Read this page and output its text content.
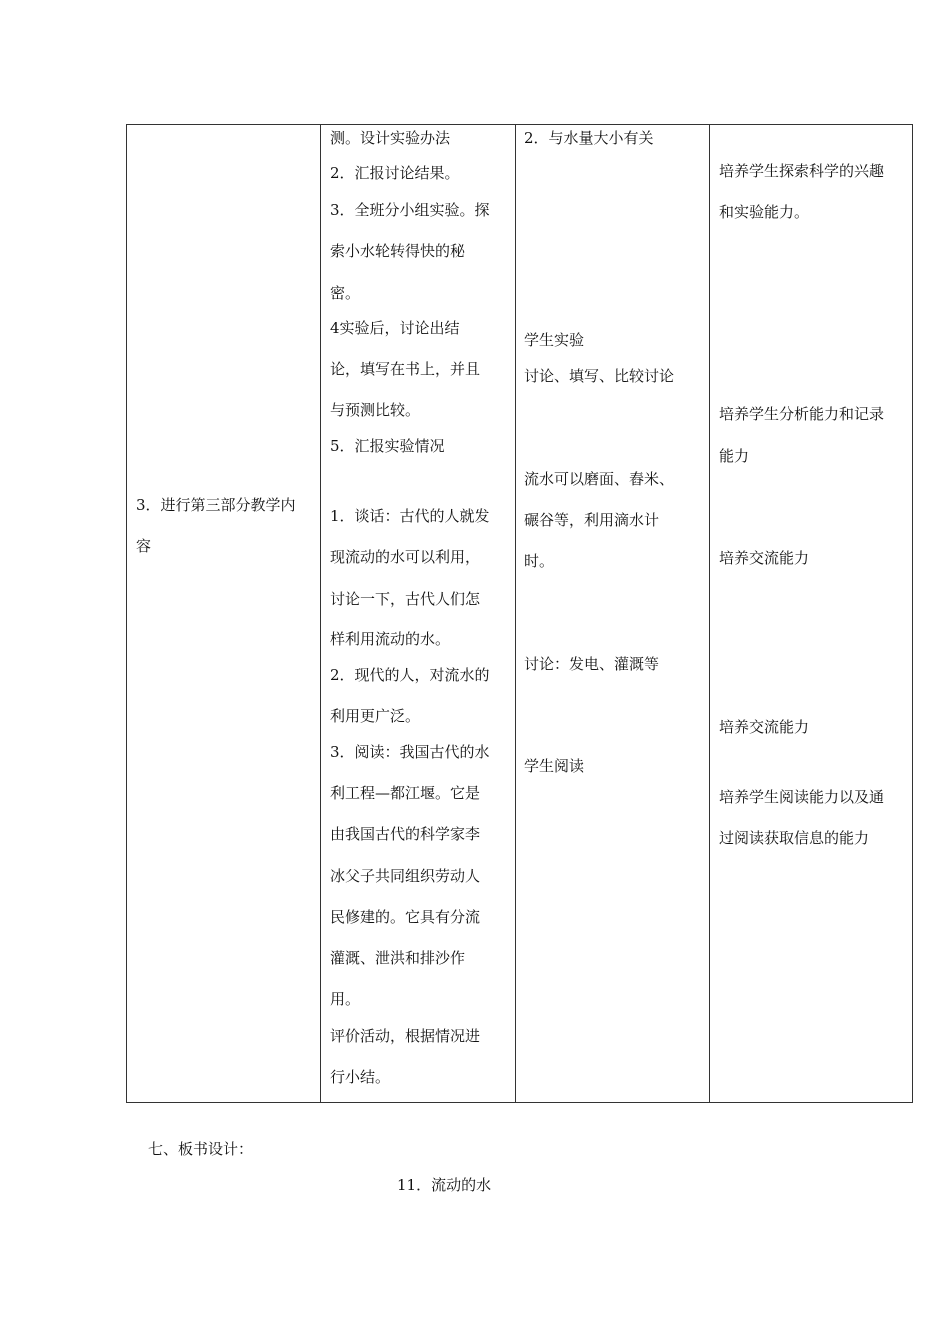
3．进行第三部分教学内
容
测。设计实验办法
2．汇报讨论结果。
3．全班分小组实验。探
索小水轮转得快的秘
密。
4实验后，讨论出结
论，填写在书上，并且
与预测比较。
5．汇报实验情况
1．谈话：古代的人就发
现流动的水可以利用，
讨论一下，古代人们怎
样利用流动的水。
2．现代的人，对流水的
利用更广泛。
3．阅读：我国古代的水
利工程—都江堰。它是
由我国古代的科学家李
冰父子共同组织劳动人
民修建的。它具有分流
灌溉、泄洪和排沙作
用。
评价活动，根据情况进
行小结。
2．与水量大小有关
学生实验
讨论、填写、比较讨论
流水可以磨面、舂米、
碾谷等，利用滴水计
时。
讨论：发电、灌溉等
学生阅读
培养学生探索科学的兴趣
和实验能力。
培养学生分析能力和记录
能力
培养交流能力
培养交流能力
培养学生阅读能力以及通
过阅读获取信息的能力
七、板书设计：
11．流动的水
